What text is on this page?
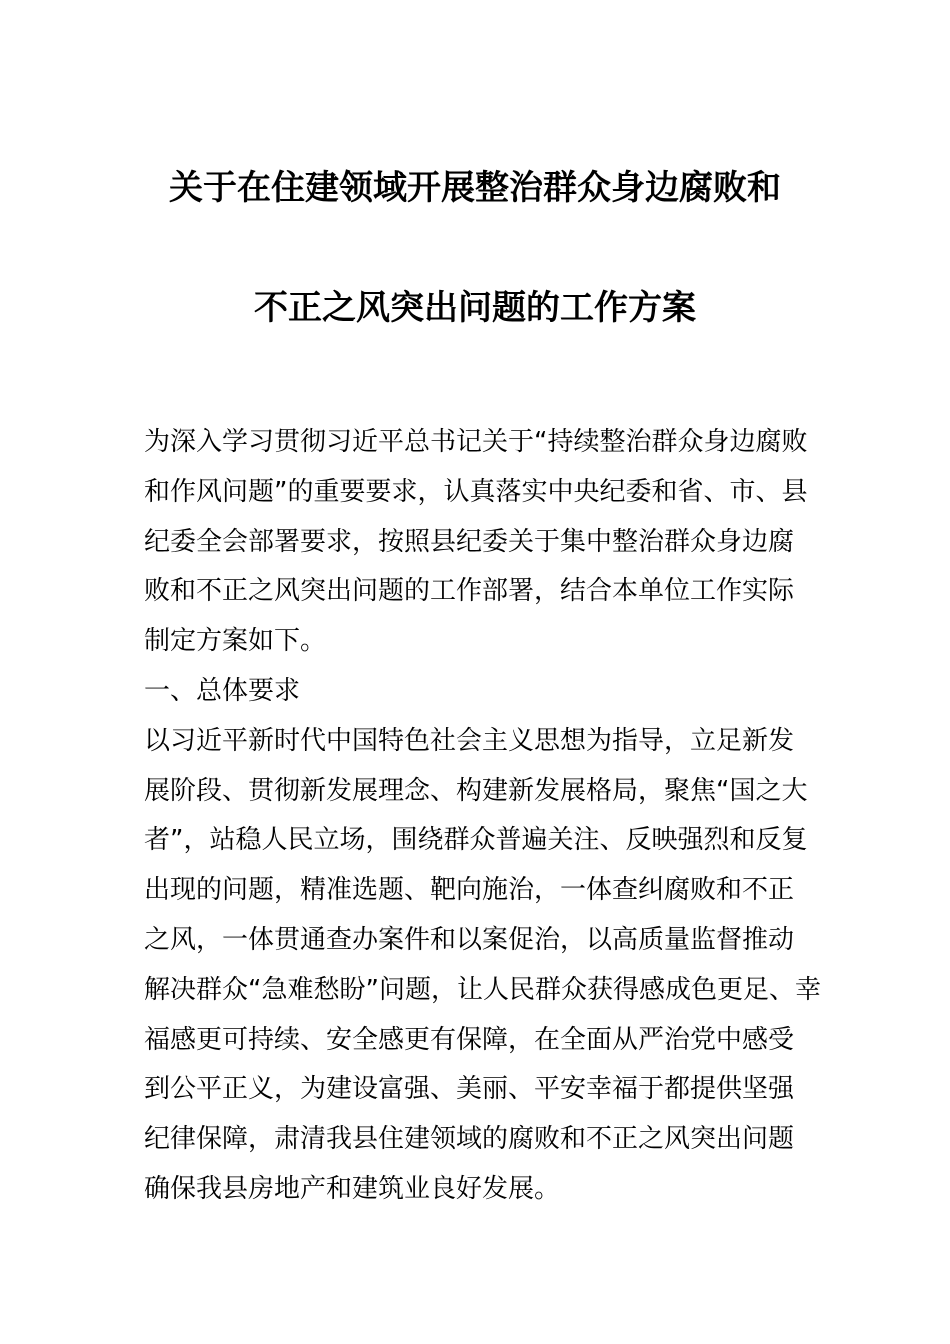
关于在住建领域开展整治群众身边腐败和
不正之风突出问题的工作方案
为深入学习贯彻习近平总书记关于“持续整治群众身边腐败
和作风问题”的重要要求，认真落实中央纪委和省、市、县
纪委全会部署要求，按照县纪委关于集中整治群众身边腐
败和不正之风突出问题的工作部署，结合本单位工作实际
制定方案如下。
一、总体要求
以习近平新时代中国特色社会主义思想为指导，立足新发
展阶段、贯彻新发展理念、构建新发展格局，聚焦“国之大
者”，站稳人民立场，围绕群众普遍关注、反映强烈和反复
出现的问题，精准选题、靶向施治，一体查纠腐败和不正
之风，一体贯通查办案件和以案促治，以高质量监督推动
解决群众“急难愁盼”问题，让人民群众获得感成色更足、幸
福感更可持续、安全感更有保障，在全面从严治党中感受
到公平正义，为建设富强、美丽、平安幸福于都提供坚强
纪律保障，肃清我县住建领域的腐败和不正之风突出问题
确保我县房地产和建筑业良好发展。
